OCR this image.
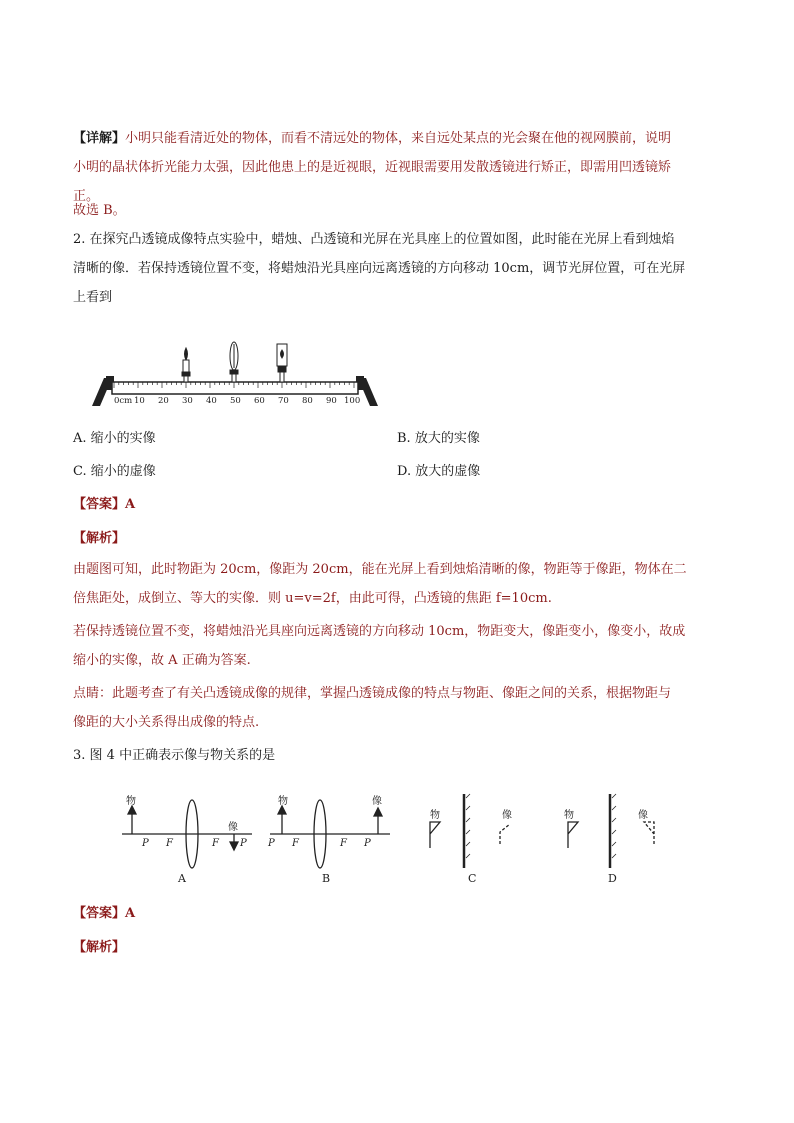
【详解】小明只能看清近处的物体，而看不清远处的物体，来自远处某点的光会聚在他的视网膜前，说明
小明的晶状体折光能力太强，因此他患上的是近视眼，近视眼需要用发散透镜进行矫正，即需用凹透镜矫
正。
故选 B。
2. 在探究凸透镜成像特点实验中，蜡烛、凸透镜和光屏在光具座上的位置如图，此时能在光屏上看到烛焰
清晰的像．若保持透镜位置不变，将蜡烛沿光具座向远离透镜的方向移动 10cm，调节光屏位置，可在光屏
上看到
0cm 10 20 30 40 50 60 70 80 90 100
A. 缩小的实像	B. 放大的实像
C. 缩小的虚像	D. 放大的虚像
【答案】A
【解析】
由题图可知，此时物距为 20cm，像距为 20cm，能在光屏上看到烛焰清晰的像，物距等于像距，物体在二
倍焦距处，成倒立、等大的实像．则 u=v=2f，由此可得，凸透镜的焦距 f=10cm.
若保持透镜位置不变，将蜡烛沿光具座向远离透镜的方向移动 10cm，物距变大，像距变小，像变小，故成
缩小的实像，故 A 正确为答案.
点睛：此题考查了有关凸透镜成像的规律，掌握凸透镜成像的特点与物距、像距之间的关系，根据物距与
像距的大小关系得出成像的特点.
3. 图 4 中正确表示像与物关系的是
物
像
P F	F P
A
物	像
P F	F P
B
物	像
C
物	像
D
【答案】A
【解析】
